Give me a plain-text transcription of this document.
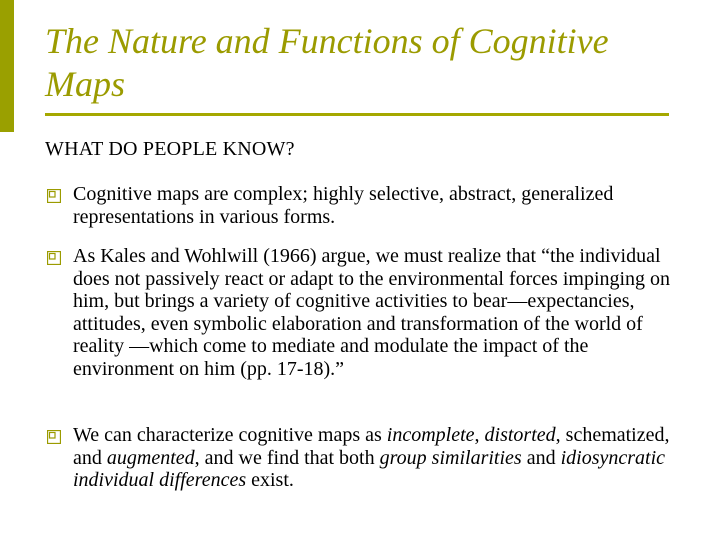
The Nature and Functions of Cognitive Maps
WHAT DO PEOPLE KNOW?
Cognitive maps are complex; highly selective, abstract, generalized representations in various forms.
As Kales and Wohlwill (1966) argue, we must realize that “the individual does not passively react or adapt to the environmental forces impinging on him, but brings a variety of cognitive activities to bear—expectancies, attitudes, even symbolic elaboration and transformation of the world of reality —which come to mediate and modulate the impact of the environment on him (pp. 17-18).”
We can characterize cognitive maps as incomplete, distorted, schematized, and augmented, and we find that both group similarities and idiosyncratic individual differences exist.
